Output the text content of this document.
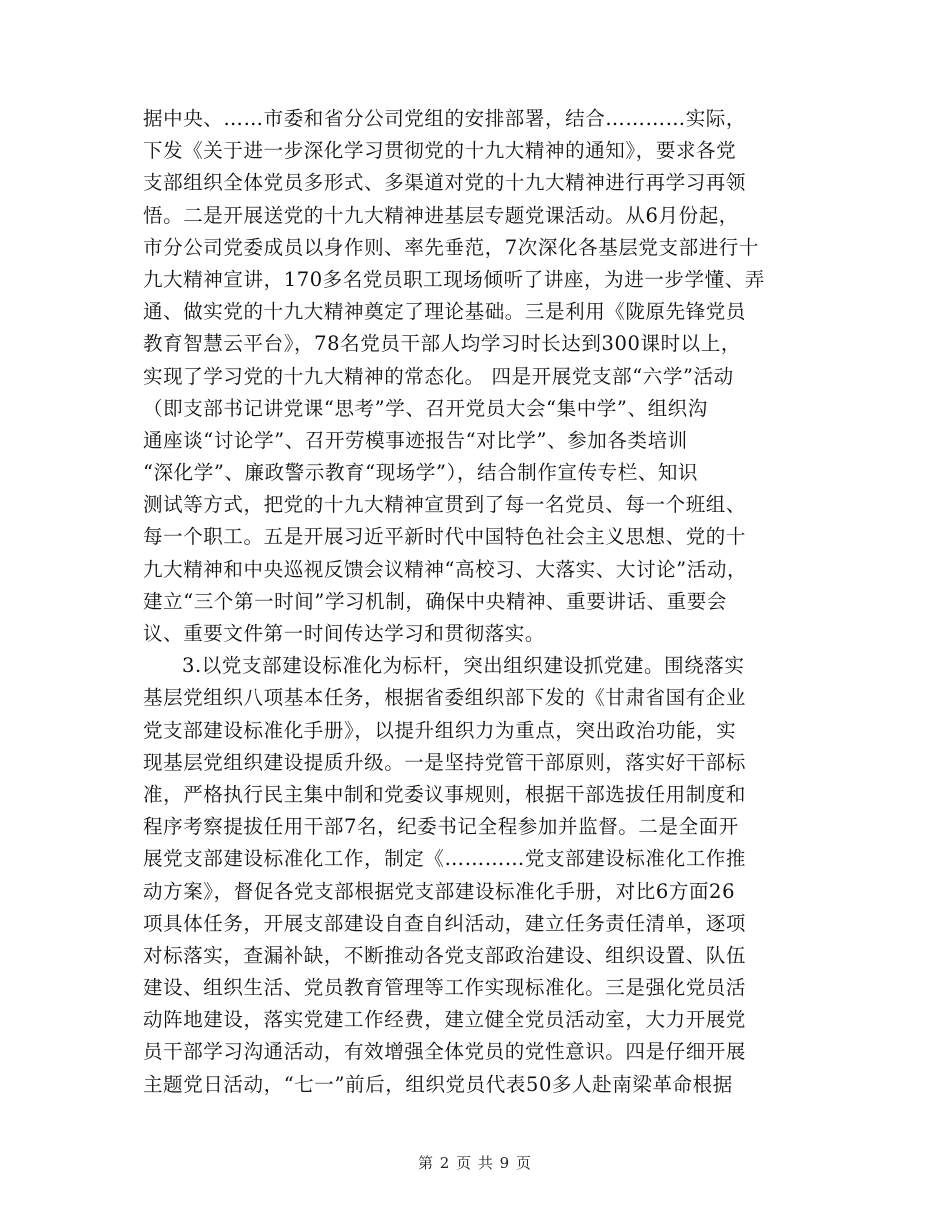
据中央、……市委和省分公司党组的安排部署，结合…………实际，
下发《关于进一步深化学习贯彻党的十九大精神的通知》，要求各党
支部组织全体党员多形式、多渠道对党的十九大精神进行再学习再领
悟。二是开展送党的十九大精神进基层专题党课活动。从6月份起，
市分公司党委成员以身作则、率先垂范，7次深化各基层党支部进行十
九大精神宣讲，170多名党员职工现场倾听了讲座，为进一步学懂、弄
通、做实党的十九大精神奠定了理论基础。三是利用《陇原先锋党员
教育智慧云平台》，78名党员干部人均学习时长达到300课时以上，
实现了学习党的十九大精神的常态化。 四是开展党支部“六学”活动
（即支部书记讲党课“思考”学、召开党员大会“集中学”、组织沟
通座谈“讨论学”、召开劳模事迹报告“对比学”、参加各类培训
“深化学”、廉政警示教育“现场学”），结合制作宣传专栏、知识
测试等方式，把党的十九大精神宣贯到了每一名党员、每一个班组、
每一个职工。五是开展习近平新时代中国特色社会主义思想、党的十
九大精神和中央巡视反馈会议精神“高校习、大落实、大讨论”活动，
建立“三个第一时间”学习机制，确保中央精神、重要讲话、重要会
议、重要文件第一时间传达学习和贯彻落实。
3.以党支部建设标准化为标杆，突出组织建设抓党建。围绕落实
基层党组织八项基本任务，根据省委组织部下发的《甘肃省国有企业
党支部建设标准化手册》，以提升组织力为重点，突出政治功能，实
现基层党组织建设提质升级。一是坚持党管干部原则，落实好干部标
准，严格执行民主集中制和党委议事规则，根据干部选拔任用制度和
程序考察提拔任用干部7名，纪委书记全程参加并监督。二是全面开
展党支部建设标准化工作，制定《…………党支部建设标准化工作推
动方案》，督促各党支部根据党支部建设标准化手册，对比6方面26
项具体任务，开展支部建设自查自纠活动，建立任务责任清单，逐项
对标落实，查漏补缺，不断推动各党支部政治建设、组织设置、队伍
建设、组织生活、党员教育管理等工作实现标准化。三是强化党员活
动阵地建设，落实党建工作经费，建立健全党员活动室，大力开展党
员干部学习沟通活动，有效增强全体党员的党性意识。四是仔细开展
主题党日活动，“七一”前后，组织党员代表50多人赴南梁革命根据
第 2 页 共 9 页
